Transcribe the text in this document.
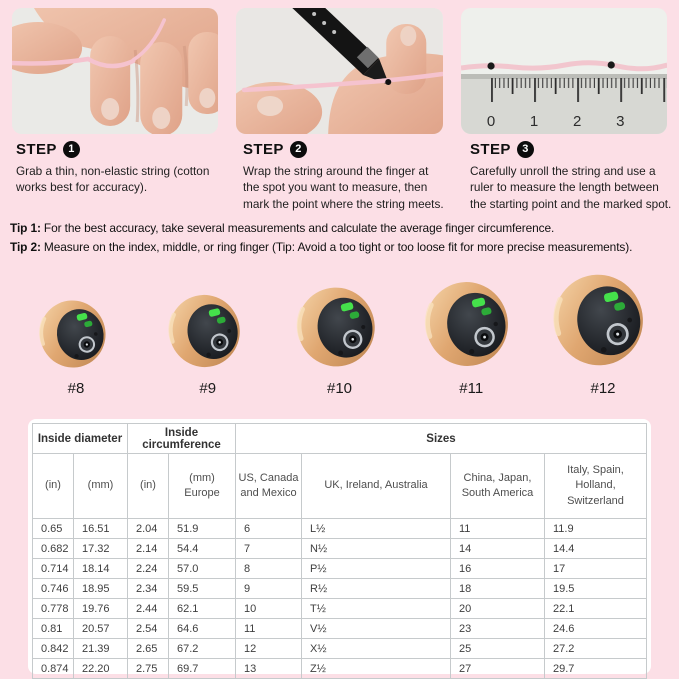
0 1 2 3
STEP	1

Grab a thin, non-elastic string (cotton works best for accuracy).

STEP	2

Wrap the string around the finger at the spot you want to measure, then mark the point where the string meets.

STEP	3

Carefully unroll the string and use a ruler to measure the length between the starting point and the marked spot.

Tip 1: For the best accuracy, take several measurements and calculate the average finger circumference.

Tip 2: Measure on the index, middle, or ring finger (Tip: Avoid a too tight or too loose fit for more precise measurements).

#8	#9	#10	#11	#12
Inside diameter		Inside circumference		Sizes			
(in)	(mm)	(in)	(mm) Europe	US, Canada and Mexico	UK, Ireland, Australia	China, Japan, South America	Italy, Spain, Holland, Switzerland
0.65	16.51	2.04	51.9	6	L½	11	11.9
0.682	17.32	2.14	54.4	7	N½	14	14.4
0.714	18.14	2.24	57.0	8	P½	16	17
0.746	18.95	2.34	59.5	9	R½	18	19.5
0.778	19.76	2.44	62.1	10	T½	20	22.1
0.81	20.57	2.54	64.6	11	V½	23	24.6
0.842	21.39	2.65	67.2	12	X½	25	27.2
0.874	22.20	2.75	69.7	13	Z½	27	29.7
